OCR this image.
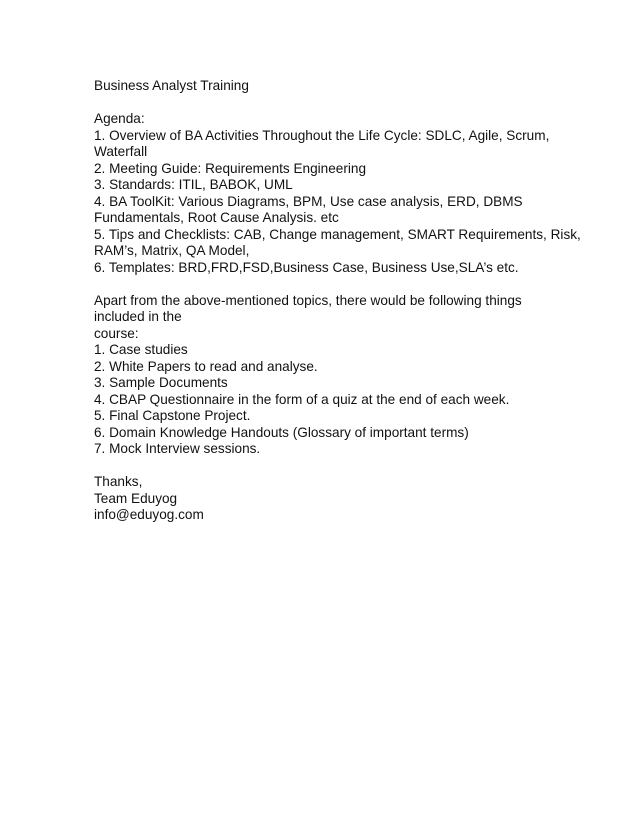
Business Analyst Training
Agenda:
1. Overview of BA Activities Throughout the Life Cycle: SDLC, Agile, Scrum,
Waterfall
2. Meeting Guide: Requirements Engineering
3. Standards: ITIL, BABOK, UML
4. BA ToolKit: Various Diagrams, BPM, Use case analysis, ERD, DBMS
Fundamentals, Root Cause Analysis. etc
5. Tips and Checklists: CAB, Change management, SMART Requirements, Risk,
RAM’s, Matrix, QA Model,
6. Templates: BRD,FRD,FSD,Business Case, Business Use,SLA’s etc.
Apart from the above-mentioned topics, there would be following things
included in the
course:
1. Case studies
2. White Papers to read and analyse.
3. Sample Documents
4. CBAP Questionnaire in the form of a quiz at the end of each week.
5. Final Capstone Project.
6. Domain Knowledge Handouts (Glossary of important terms)
7. Mock Interview sessions.
Thanks,
Team Eduyog
info@eduyog.com
